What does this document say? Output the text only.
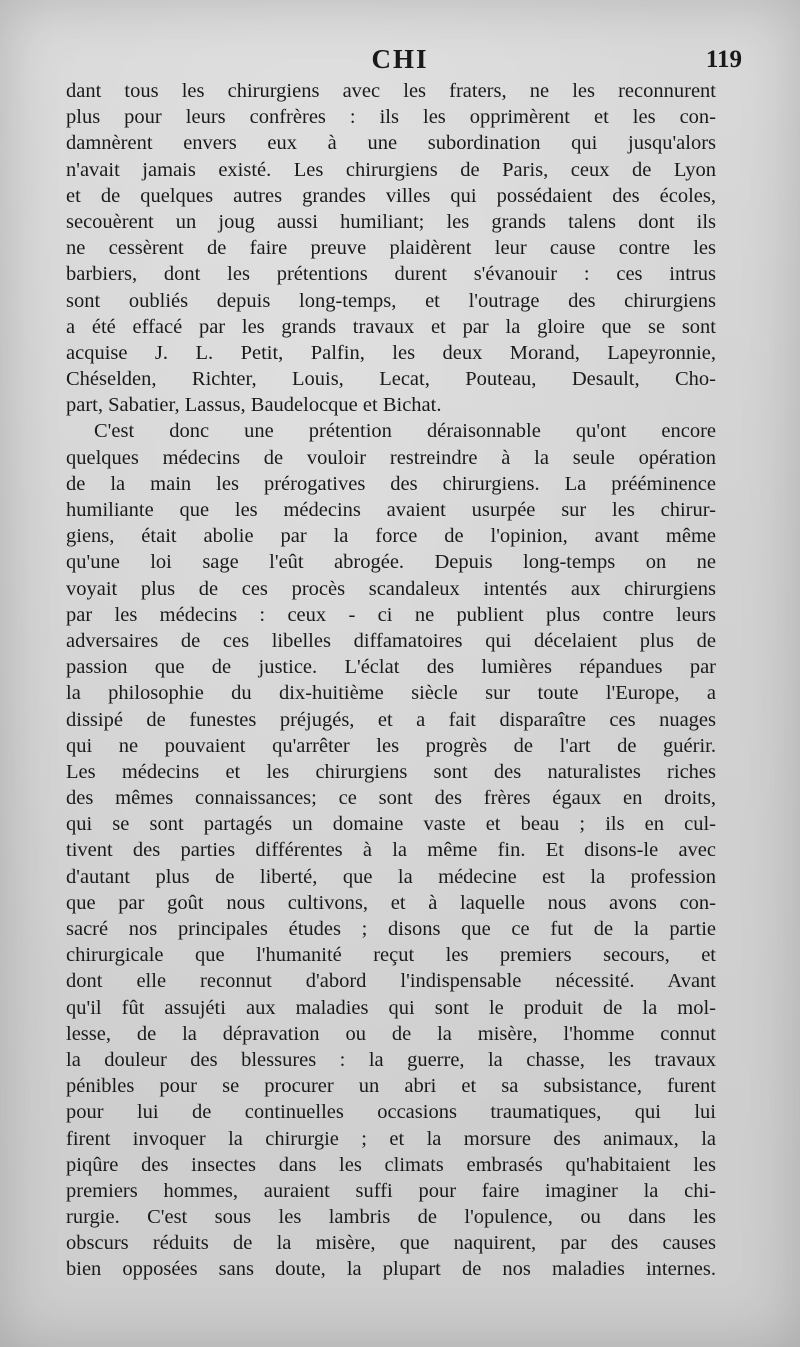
CHI	119
dant tous les chirurgiens avec les fraters, ne les reconnurent
plus pour leurs confrères : ils les opprimèrent et les con-
damnèrent envers eux à une subordination qui jusqu'alors
n'avait jamais existé. Les chirurgiens de Paris, ceux de Lyon
et de quelques autres grandes villes qui possédaient des écoles,
secouèrent un joug aussi humiliant; les grands talens dont ils
ne cessèrent de faire preuve plaidèrent leur cause contre les
barbiers, dont les prétentions durent s'évanouir : ces intrus
sont oubliés depuis long-temps, et l'outrage des chirurgiens
a été effacé par les grands travaux et par la gloire que se sont
acquise J. L. Petit, Palfin, les deux Morand, Lapeyronnie,
Chéselden, Richter, Louis, Lecat, Pouteau, Desault, Cho-
part, Sabatier, Lassus, Baudelocque et Bichat.
C'est donc une prétention déraisonnable qu'ont encore
quelques médecins de vouloir restreindre à la seule opération
de la main les prérogatives des chirurgiens. La prééminence
humiliante que les médecins avaient usurpée sur les chirur-
giens, était abolie par la force de l'opinion, avant même
qu'une loi sage l'eût abrogée. Depuis long-temps on ne
voyait plus de ces procès scandaleux intentés aux chirurgiens
par les médecins : ceux - ci ne publient plus contre leurs
adversaires de ces libelles diffamatoires qui décelaient plus de
passion que de justice. L'éclat des lumières répandues par
la philosophie du dix-huitième siècle sur toute l'Europe, a
dissipé de funestes préjugés, et a fait disparaître ces nuages
qui ne pouvaient qu'arrêter les progrès de l'art de guérir.
Les médecins et les chirurgiens sont des naturalistes riches
des mêmes connaissances; ce sont des frères égaux en droits,
qui se sont partagés un domaine vaste et beau ; ils en cul-
tivent des parties différentes à la même fin. Et disons-le avec
d'autant plus de liberté, que la médecine est la profession
que par goût nous cultivons, et à laquelle nous avons con-
sacré nos principales études ; disons que ce fut de la partie
chirurgicale que l'humanité reçut les premiers secours, et
dont elle reconnut d'abord l'indispensable nécessité. Avant
qu'il fût assujéti aux maladies qui sont le produit de la mol-
lesse, de la dépravation ou de la misère, l'homme connut
la douleur des blessures : la guerre, la chasse, les travaux
pénibles pour se procurer un abri et sa subsistance, furent
pour lui de continuelles occasions traumatiques, qui lui
firent invoquer la chirurgie ; et la morsure des animaux, la
piqûre des insectes dans les climats embrasés qu'habitaient les
premiers hommes, auraient suffi pour faire imaginer la chi-
rurgie. C'est sous les lambris de l'opulence, ou dans les
obscurs réduits de la misère, que naquirent, par des causes
bien opposées sans doute, la plupart de nos maladies internes.
